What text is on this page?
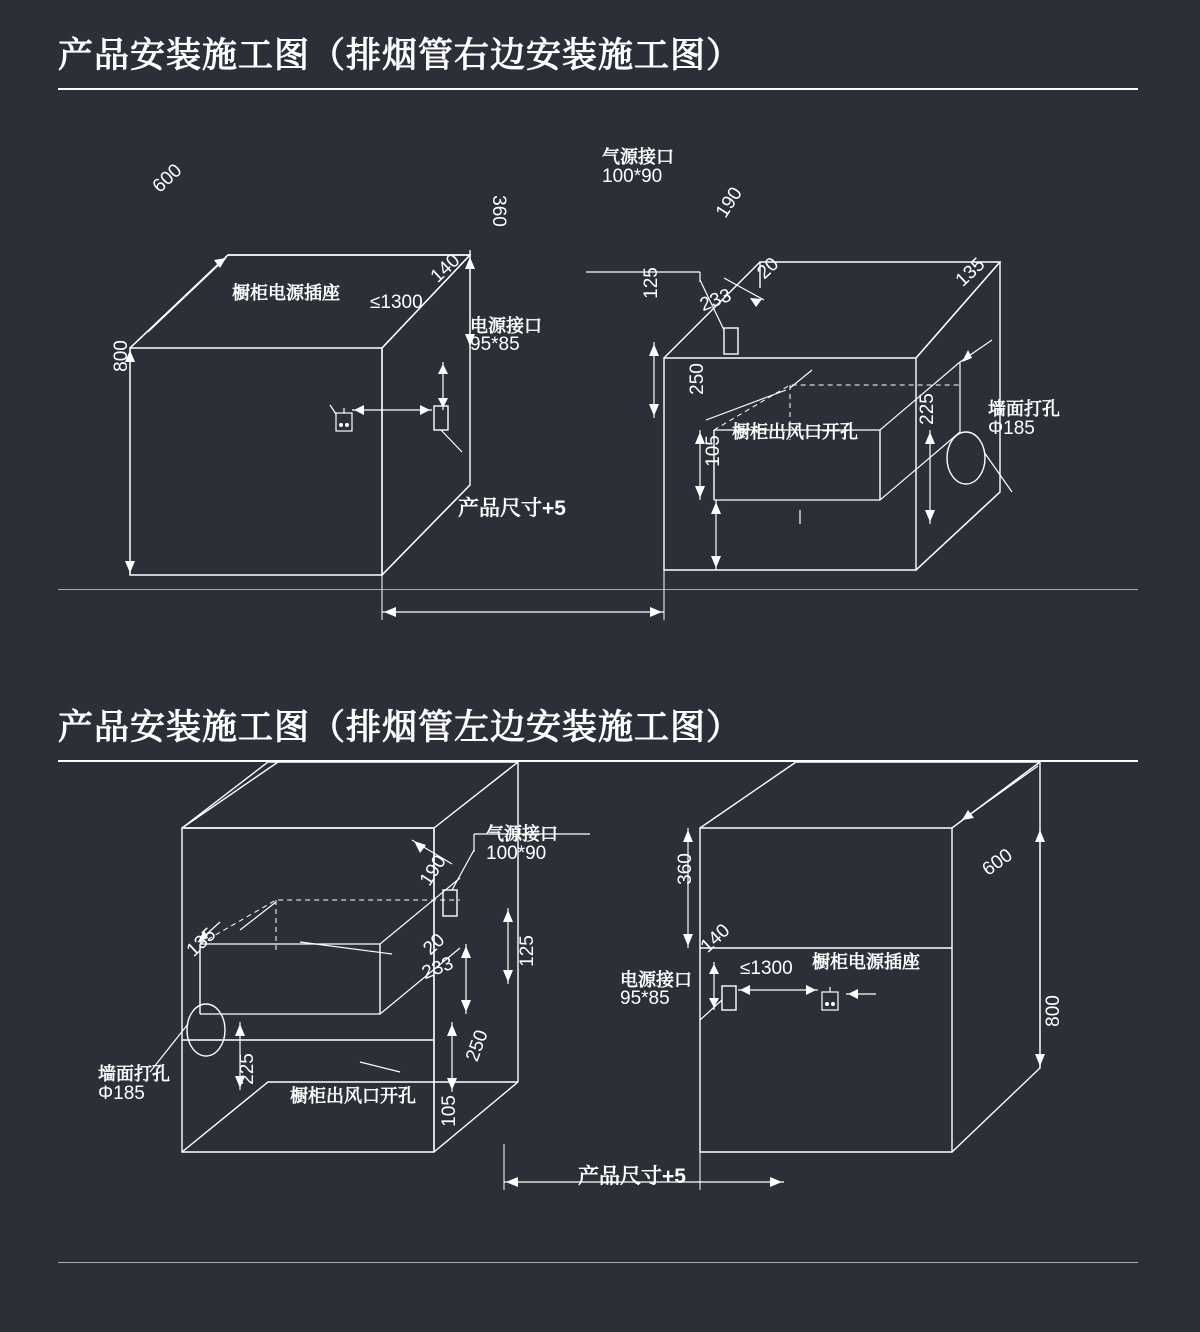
产品安装施工图（排烟管右边安装施工图）
600
360
800
140
橱柜电源插座 ≤1300
电源接口
95*85
气源接口
100*90
190
125
233
20	135
250
105
225
橱柜出风口开孔
墙面打孔
Φ185
产品尺寸+5
产品安装施工图（排烟管左边安装施工图）
气源接口
100*90
190
125
20
233
135
250
105
225
墙面打孔
Φ185	橱柜出风口开孔
360
140
电源接口
95*85
≤1300 橱柜电源插座
600
800
产品尺寸+5
